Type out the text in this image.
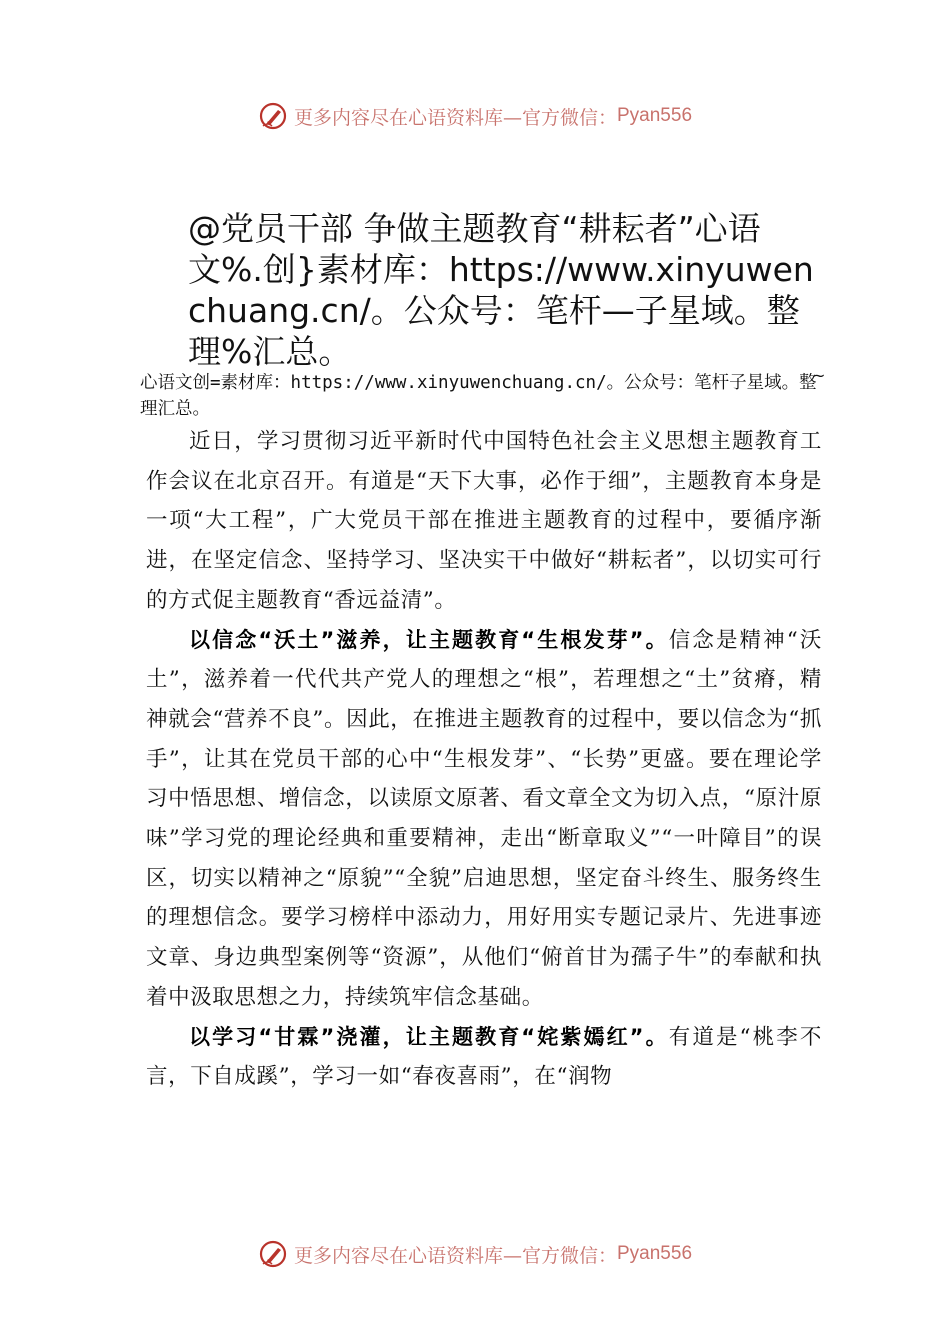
更多内容尽在心语资料库—官方微信： Pyan556
@党员干部 争做主题教育“耕耘者”心语文%.创}素材库：https://www.xinyuwenchuang.cn/。公众号：笔杆—子星域。整理%汇总。

心语文创=素材库：https://www.xinyuwenchuang.cn/。公众号：笔杆子星域。整理汇总。

~

近日，学习贯彻习近平新时代中国特色社会主义思想主题教育工作会议在北京召开。有道是“天下大事，必作于细”，主题教育本身是一项“大工程”，广大党员干部在推进主题教育的过程中，要循序渐进，在坚定信念、坚持学习、坚决实干中做好“耕耘者”，以切实可行的方式促主题教育“香远益清”。

以信念“沃土”滋养，让主题教育“生根发芽”。信念是精神“沃土”，滋养着一代代共产党人的理想之“根”，若理想之“土”贫瘠，精神就会“营养不良”。因此，在推进主题教育的过程中，要以信念为“抓手”，让其在党员干部的心中“生根发芽”、“长势”更盛。要在理论学习中悟思想、增信念，以读原文原著、看文章全文为切入点，“原汁原味”学习党的理论经典和重要精神，走出“断章取义”“一叶障目”的误区，切实以精神之“原貌”“全貌”启迪思想，坚定奋斗终生、服务终生的理想信念。要学习榜样中添动力，用好用实专题记录片、先进事迹文章、身边典型案例等“资源”，从他们“俯首甘为孺子牛”的奉献和执着中汲取思想之力，持续筑牢信念基础。

以学习“甘霖”浇灌，让主题教育“姹紫嫣红”。有道是“桃李不言，下自成蹊”，学习一如“春夜喜雨”，在“润物

更多内容尽在心语资料库—官方微信： Pyan556
